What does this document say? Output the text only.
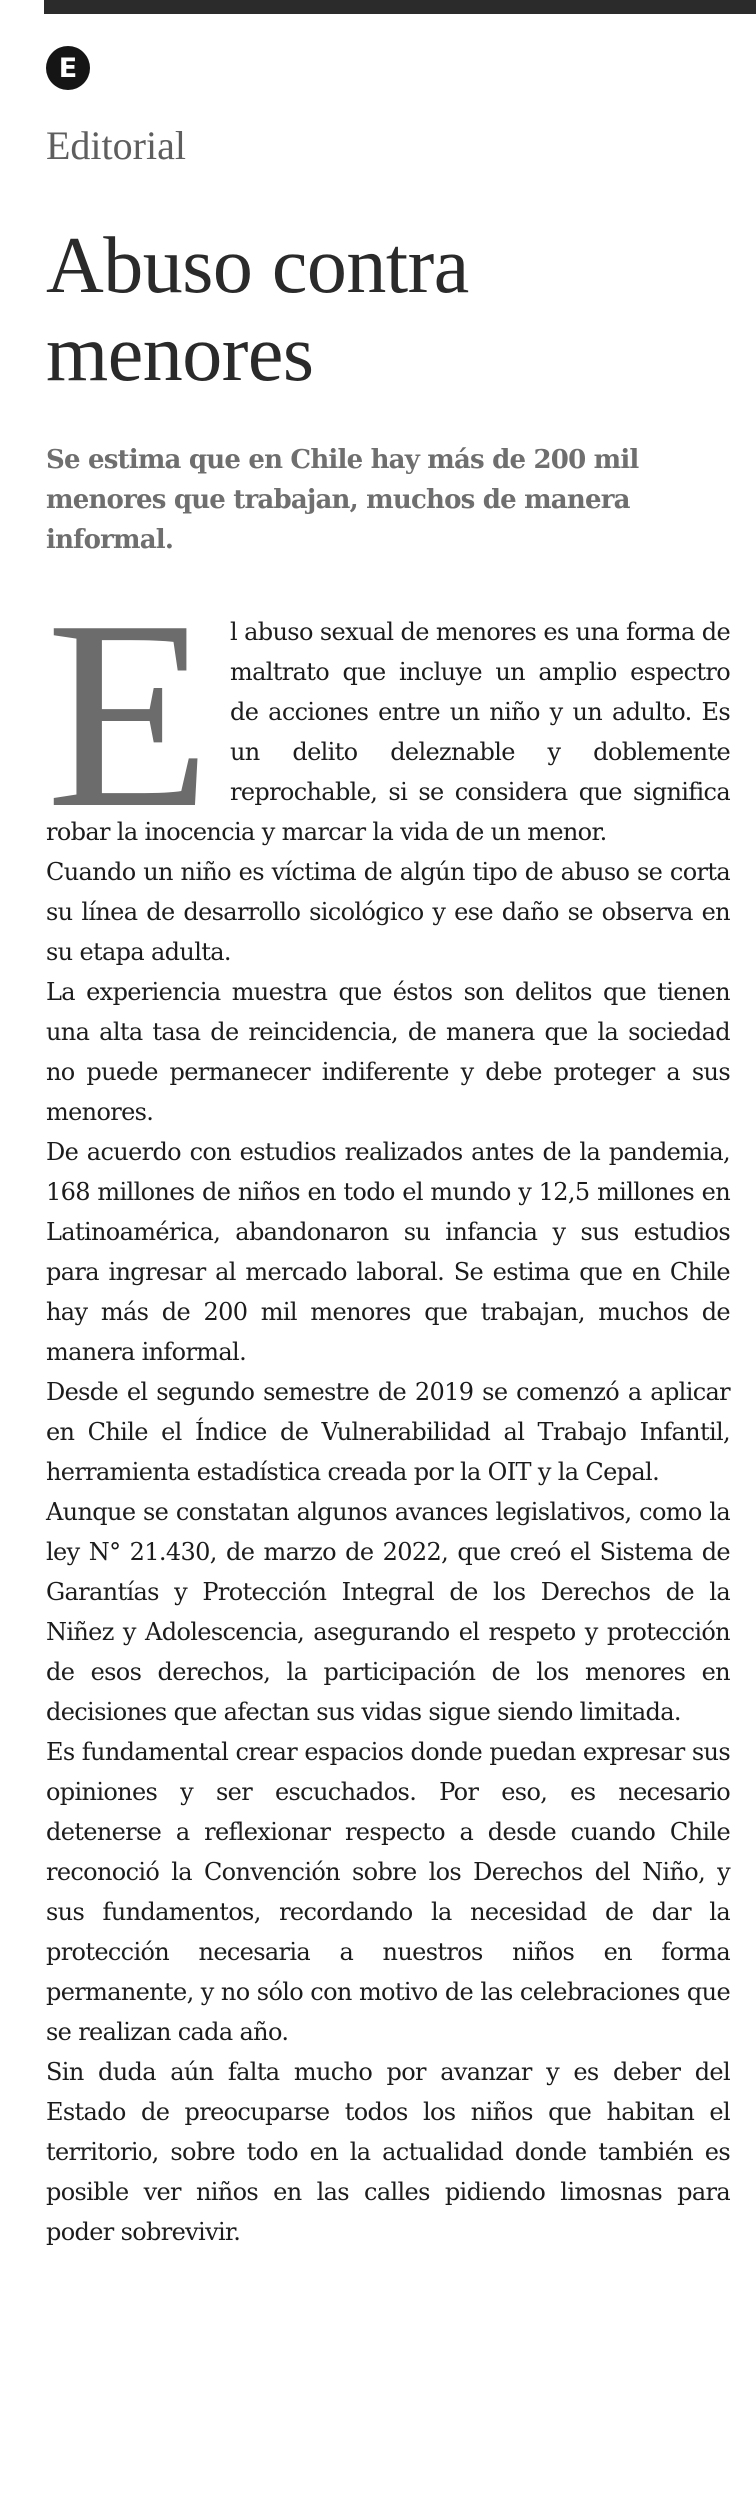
E
Editorial
Abuso contra menores
Se estima que en Chile hay más de 200 mil menores que trabajan, muchos de manera informal.

El abuso sexual de menores es una forma de maltrato que incluye un amplio espectro de acciones entre un niño y un adulto. Es un delito deleznable y doblemente reprochable, si se considera que significa robar la inocencia y marcar la vida de un menor.

Cuando un niño es víctima de algún tipo de abuso se corta su línea de desarrollo sicológico y ese daño se observa en su etapa adulta.

La experiencia muestra que éstos son delitos que tienen una alta tasa de reincidencia, de manera que la sociedad no puede permanecer indiferente y debe proteger a sus menores.

De acuerdo con estudios realizados antes de la pandemia, 168 millones de niños en todo el mundo y 12,5 millones en Latinoamérica, abandonaron su infancia y sus estudios para ingresar al mercado laboral. Se estima que en Chile hay más de 200 mil menores que trabajan, muchos de manera informal.

Desde el segundo semestre de 2019 se comenzó a aplicar en Chile el Índice de Vulnerabilidad al Trabajo Infantil, herramienta estadística creada por la OIT y la Cepal.

Aunque se constatan algunos avances legislativos, como la ley N° 21.430, de marzo de 2022, que creó el Sistema de Garantías y Protección Integral de los Derechos de la Niñez y Adolescencia, asegurando el respeto y protección de esos derechos, la participación de los menores en decisiones que afectan sus vidas sigue siendo limitada.

Es fundamental crear espacios donde puedan expresar sus opiniones y ser escuchados. Por eso, es necesario detenerse a reflexionar respecto a desde cuando Chile reconoció la Convención sobre los Derechos del Niño, y sus fundamentos, recordando la necesidad de dar la protección necesaria a nuestros niños en forma permanente, y no sólo con motivo de las celebraciones que se realizan cada año.

Sin duda aún falta mucho por avanzar y es deber del Estado de preocuparse todos los niños que habitan el territorio, sobre todo en la actualidad donde también es posible ver niños en las calles pidiendo limosnas para poder sobrevivir.
